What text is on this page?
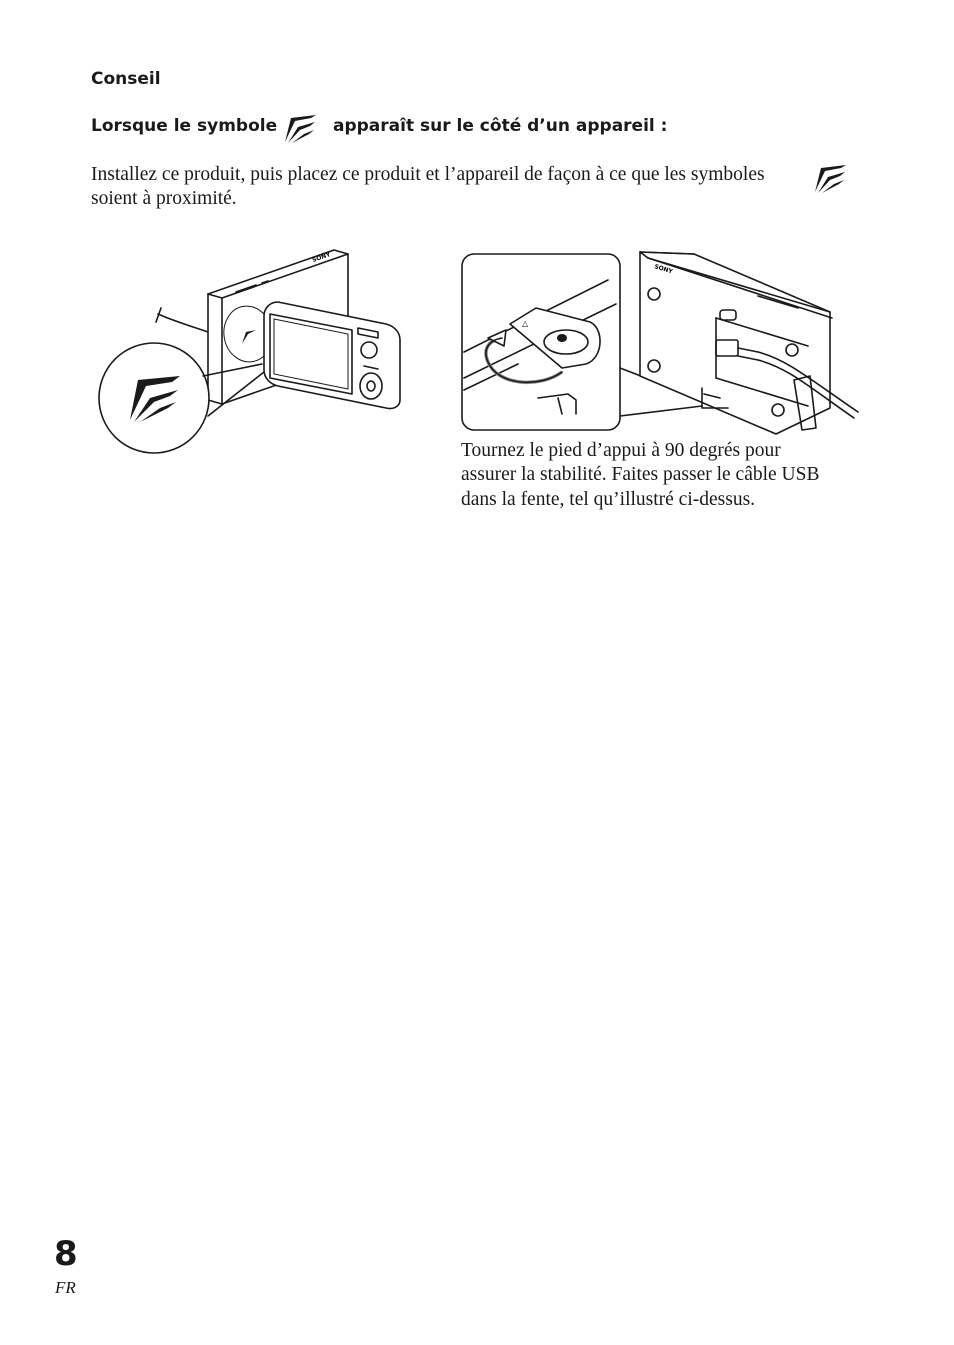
Conseil
Lorsque le symbole	apparaît sur le côté d’un appareil :
Installez ce produit, puis placez ce produit et l’appareil de façon à ce que les symboles
soient à proximité.
SONY
△
SONY
Tournez le pied d’appui à 90 degrés pour
assurer la stabilité. Faites passer le câble USB
dans la fente, tel qu’illustré ci-dessus.
8
FR
